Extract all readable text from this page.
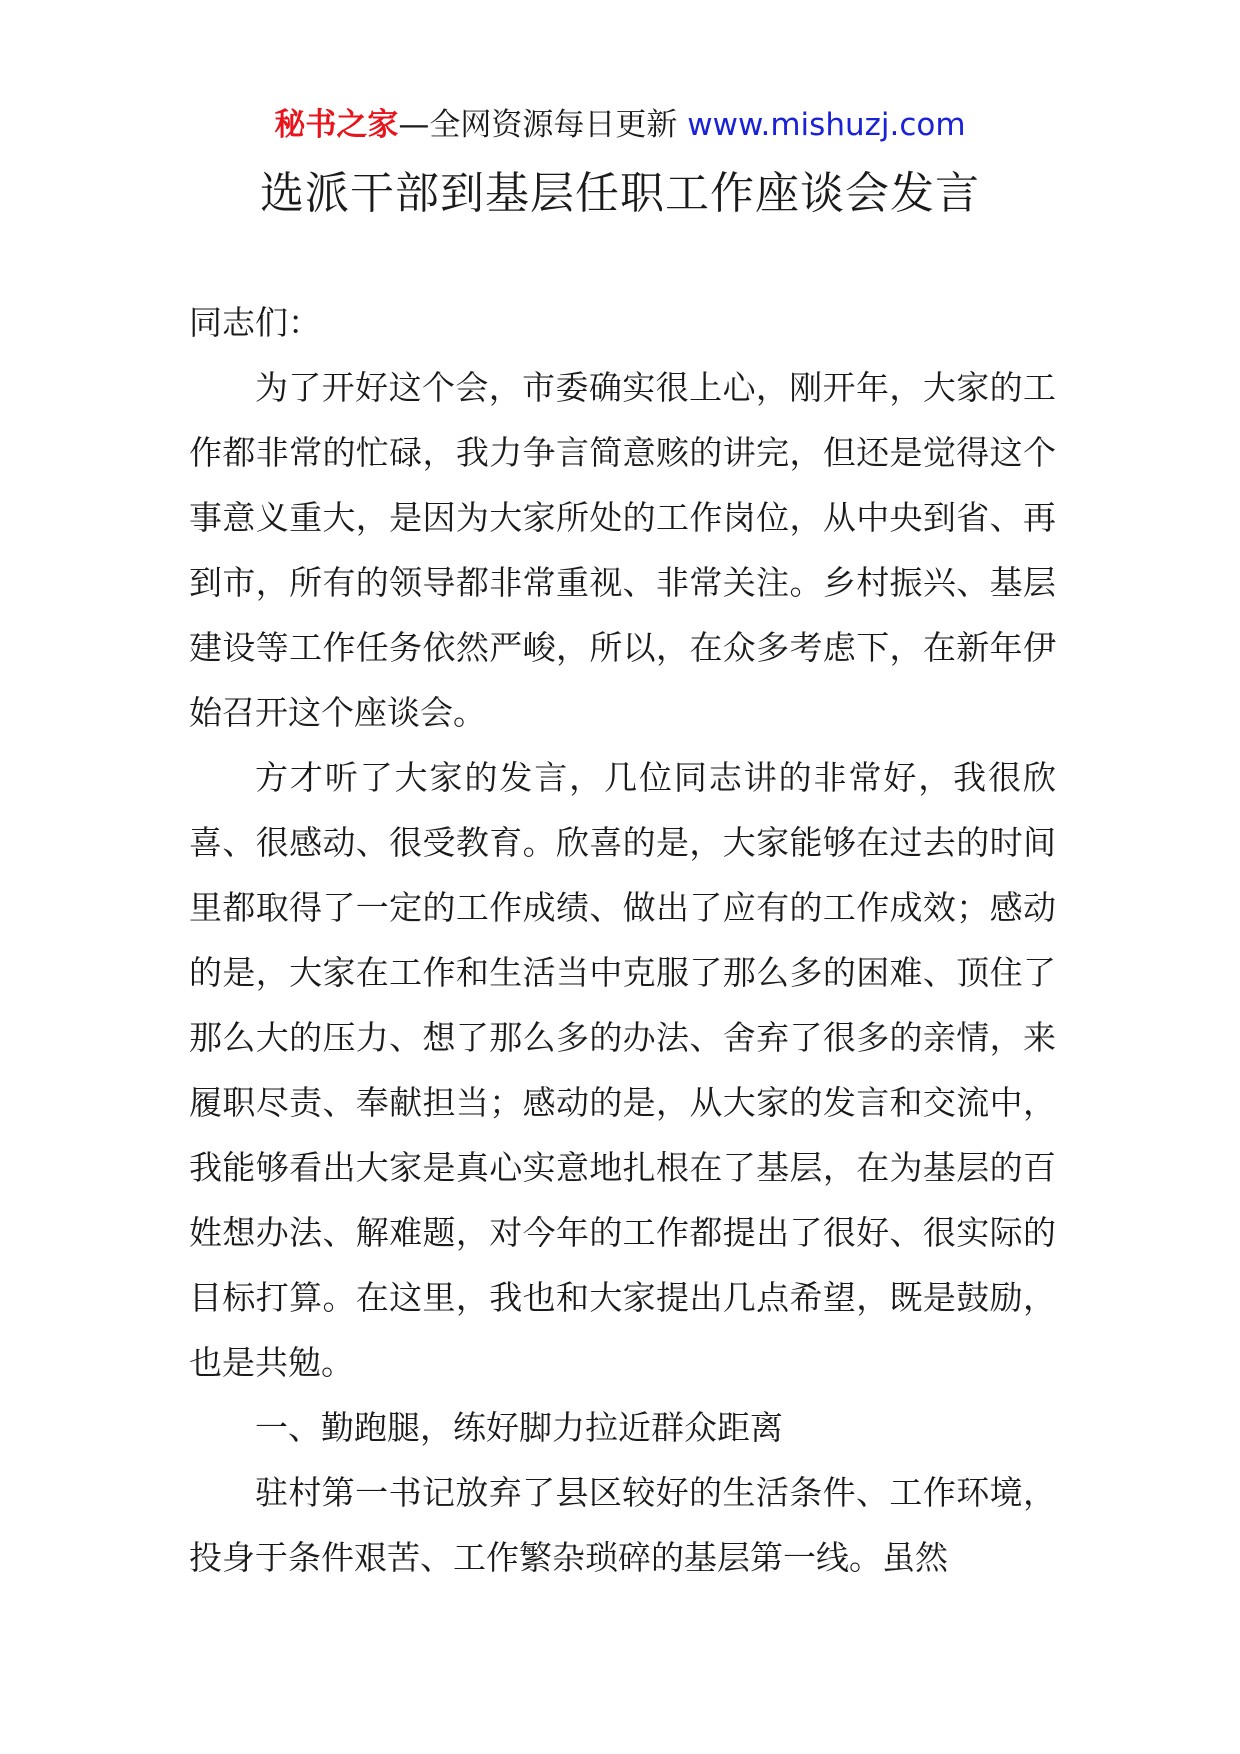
秘书之家—全网资源每日更新 www.mishuzj.com
选派干部到基层任职工作座谈会发言

同志们：

为了开好这个会，市委确实很上心，刚开年，大家的工作都非常的忙碌，我力争言简意赅的讲完，但还是觉得这个事意义重大，是因为大家所处的工作岗位，从中央到省、再到市，所有的领导都非常重视、非常关注。乡村振兴、基层建设等工作任务依然严峻，所以，在众多考虑下，在新年伊始召开这个座谈会。

方才听了大家的发言，几位同志讲的非常好，我很欣喜、很感动、很受教育。欣喜的是，大家能够在过去的时间里都取得了一定的工作成绩、做出了应有的工作成效；感动的是，大家在工作和生活当中克服了那么多的困难、顶住了那么大的压力、想了那么多的办法、舍弃了很多的亲情，来履职尽责、奉献担当；感动的是，从大家的发言和交流中，我能够看出大家是真心实意地扎根在了基层，在为基层的百姓想办法、解难题，对今年的工作都提出了很好、很实际的目标打算。在这里，我也和大家提出几点希望，既是鼓励，也是共勉。

一、勤跑腿，练好脚力拉近群众距离

驻村第一书记放弃了县区较好的生活条件、工作环境，投身于条件艰苦、工作繁杂琐碎的基层第一线。虽然
